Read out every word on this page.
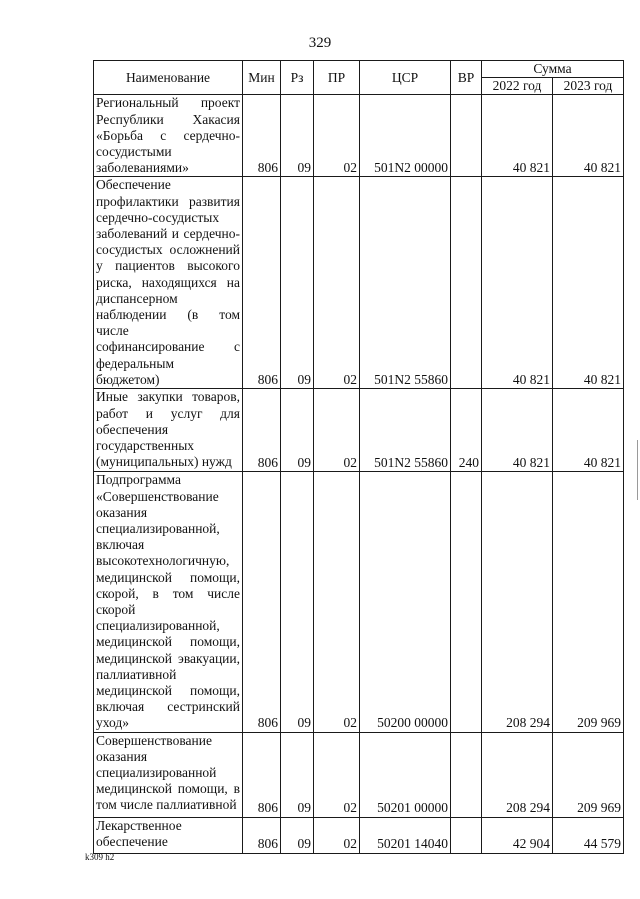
329
Наименование	Мин	Рз	ПР	ЦСР	ВР	Сумма	
						2022 год	2023 год
Региональный проект Республики Хакасия «Борьба с сердечно-сосудистыми заболеваниями»	806	09	02	501N2 00000		40 821	40 821
Обеспечение профилактики развития сердечно-сосудистых заболеваний и сердечно-сосудистых осложнений у пациентов высокого риска, находящихся на диспансерном наблюдении (в том числе софинансирование с федеральным бюджетом)	806	09	02	501N2 55860		40 821	40 821
Иные закупки товаров, работ и услуг для обеспечения государственных (муниципальных) нужд	806	09	02	501N2 55860	240	40 821	40 821
Подпрограмма «Совершенствование оказания специализированной, включая высокотехнологичную, медицинской помощи, скорой, в том числе скорой специализированной, медицинской помощи, медицинской эвакуации, паллиативной медицинской помощи, включая сестринский уход»	806	09	02	50200 00000		208 294	209 969
Совершенствование оказания специализированной медицинской помощи, в том числе паллиативной	806	09	02	50201 00000		208 294	209 969
Лекарственное обеспечение	806	09	02	50201 14040		42 904	44 579
k309 h2
